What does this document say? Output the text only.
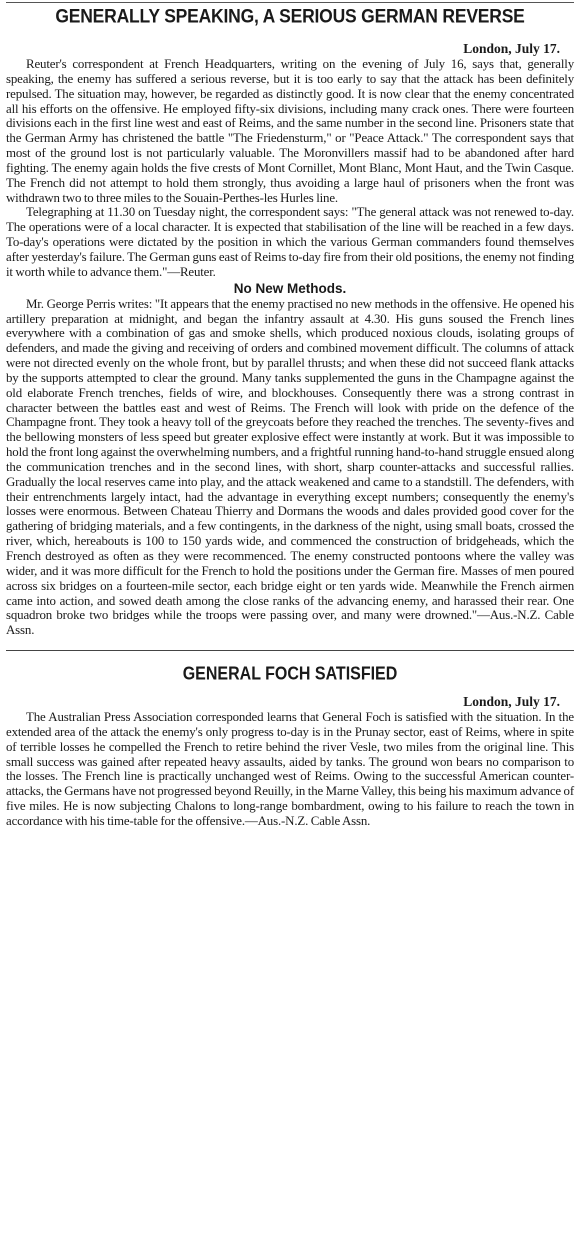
GENERALLY SPEAKING, A SERIOUS GERMAN REVERSE
London, July 17.

Reuter's correspondent at French Headquarters, writing on the evening of July 16, says that, generally speaking, the enemy has suffered a serious reverse, but it is too early to say that the attack has been definitely repulsed. The situation may, however, be regarded as distinctly good. It is now clear that the enemy concentrated all his efforts on the offensive. He employed fifty-six divisions, including many crack ones. There were fourteen divisions each in the first line west and east of Reims, and the same number in the second line. Prisoners state that the German Army has christened the battle "The Friedensturm," or "Peace Attack." The correspondent says that most of the ground lost is not particularly valuable. The Moronvillers massif had to be abandoned after hard fighting. The enemy again holds the five crests of Mont Cornillet, Mont Blanc, Mont Haut, and the Twin Casque. The French did not attempt to hold them strongly, thus avoiding a large haul of prisoners when the front was withdrawn two to three miles to the Souain-Perthes-les Hurles line.

Telegraphing at 11.30 on Tuesday night, the correspondent says: "The general attack was not renewed to-day. The operations were of a local character. It is expected that stabilisation of the line will be reached in a few days. To-day's operations were dictated by the position in which the various German commanders found themselves after yesterday's failure. The German guns east of Reims to-day fire from their old positions, the enemy not finding it worth while to advance them."—Reuter.

No New Methods.

Mr. George Perris writes: "It appears that the enemy practised no new methods in the offensive. He opened his artillery preparation at midnight, and began the infantry assault at 4.30. His guns soused the French lines everywhere with a combination of gas and smoke shells, which produced noxious clouds, isolating groups of defenders, and made the giving and receiving of orders and combined movement difficult. The columns of attack were not directed evenly on the whole front, but by parallel thrusts; and when these did not succeed flank attacks by the supports attempted to clear the ground. Many tanks supplemented the guns in the Champagne against the old elaborate French trenches, fields of wire, and blockhouses. Consequently there was a strong contrast in character between the battles east and west of Reims. The French will look with pride on the defence of the Champagne front. They took a heavy toll of the greycoats before they reached the trenches. The seventy-fives and the bellowing monsters of less speed but greater explosive effect were instantly at work. But it was impossible to hold the front long against the overwhelming numbers, and a frightful running hand-to-hand struggle ensued along the communication trenches and in the second lines, with short, sharp counter-attacks and successful rallies. Gradually the local reserves came into play, and the attack weakened and came to a standstill. The defenders, with their entrenchments largely intact, had the advantage in everything except numbers; consequently the enemy's losses were enormous. Between Chateau Thierry and Dormans the woods and dales provided good cover for the gathering of bridging materials, and a few contingents, in the darkness of the night, using small boats, crossed the river, which, hereabouts is 100 to 150 yards wide, and commenced the construction of bridgeheads, which the French destroyed as often as they were recommenced. The enemy constructed pontoons where the valley was wider, and it was more difficult for the French to hold the positions under the German fire. Masses of men poured across six bridges on a fourteen-mile sector, each bridge eight or ten yards wide. Meanwhile the French airmen came into action, and sowed death among the close ranks of the advancing enemy, and harassed their rear. One squadron broke two bridges while the troops were passing over, and many were drowned."—Aus.-N.Z. Cable Assn.

GENERAL FOCH SATISFIED
London, July 17.

The Australian Press Association corresponded learns that General Foch is satisfied with the situation. In the extended area of the attack the enemy's only progress to-day is in the Prunay sector, east of Reims, where in spite of terrible losses he compelled the French to retire behind the river Vesle, two miles from the original line. This small success was gained after repeated heavy assaults, aided by tanks. The ground won bears no comparison to the losses. The French line is practically unchanged west of Reims. Owing to the successful American counter-attacks, the Germans have not progressed beyond Reuilly, in the Marne Valley, this being his maximum advance of five miles. He is now subjecting Chalons to long-range bombardment, owing to his failure to reach the town in accordance with his time-table for the offensive.—Aus.-N.Z. Cable Assn.
